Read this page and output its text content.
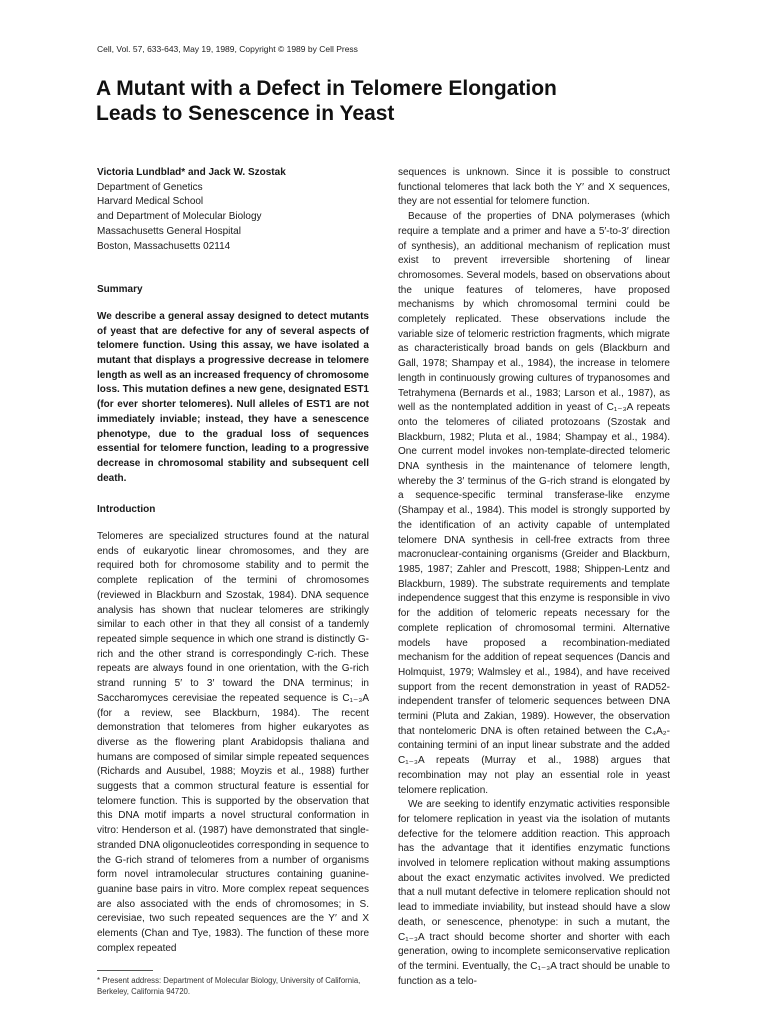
Cell, Vol. 57, 633-643, May 19, 1989, Copyright © 1989 by Cell Press
A Mutant with a Defect in Telomere Elongation
Leads to Senescence in Yeast
Victoria Lundblad* and Jack W. Szostak
Department of Genetics
Harvard Medical School
and Department of Molecular Biology
Massachusetts General Hospital
Boston, Massachusetts 02114
Summary
We describe a general assay designed to detect mutants of yeast that are defective for any of several aspects of telomere function. Using this assay, we have isolated a mutant that displays a progressive decrease in telomere length as well as an increased frequency of chromosome loss. This mutation defines a new gene, designated EST1 (for ever shorter telomeres). Null alleles of EST1 are not immediately inviable; instead, they have a senescence phenotype, due to the gradual loss of sequences essential for telomere function, leading to a progressive decrease in chromosomal stability and subsequent cell death.
Introduction
Telomeres are specialized structures found at the natural ends of eukaryotic linear chromosomes, and they are required both for chromosome stability and to permit the complete replication of the termini of chromosomes (reviewed in Blackburn and Szostak, 1984). DNA sequence analysis has shown that nuclear telomeres are strikingly similar to each other in that they all consist of a tandemly repeated simple sequence in which one strand is distinctly G-rich and the other strand is correspondingly C-rich. These repeats are always found in one orientation, with the G-rich strand running 5′ to 3′ toward the DNA terminus; in Saccharomyces cerevisiae the repeated sequence is C₁₋₃A (for a review, see Blackburn, 1984). The recent demonstration that telomeres from higher eukaryotes as diverse as the flowering plant Arabidopsis thaliana and humans are composed of similar simple repeated sequences (Richards and Ausubel, 1988; Moyzis et al., 1988) further suggests that a common structural feature is essential for telomere function. This is supported by the observation that this DNA motif imparts a novel structural conformation in vitro: Henderson et al. (1987) have demonstrated that single-stranded DNA oligonucleotides corresponding in sequence to the G-rich strand of telomeres from a number of organisms form novel intramolecular structures containing guanine-guanine base pairs in vitro. More complex repeat sequences are also associated with the ends of chromosomes; in S. cerevisiae, two such repeated sequences are the Y′ and X elements (Chan and Tye, 1983). The function of these more complex repeated
* Present address: Department of Molecular Biology, University of California, Berkeley, California 94720.
sequences is unknown. Since it is possible to construct functional telomeres that lack both the Y′ and X sequences, they are not essential for telomere function.
Because of the properties of DNA polymerases (which require a template and a primer and have a 5′-to-3′ direction of synthesis), an additional mechanism of replication must exist to prevent irreversible shortening of linear chromosomes. Several models, based on observations about the unique features of telomeres, have proposed mechanisms by which chromosomal termini could be completely replicated. These observations include the variable size of telomeric restriction fragments, which migrate as characteristically broad bands on gels (Blackburn and Gall, 1978; Shampay et al., 1984), the increase in telomere length in continuously growing cultures of trypanosomes and Tetrahymena (Bernards et al., 1983; Larson et al., 1987), as well as the nontemplated addition in yeast of C₁₋₃A repeats onto the telomeres of ciliated protozoans (Szostak and Blackburn, 1982; Pluta et al., 1984; Shampay et al., 1984). One current model invokes non-template-directed telomeric DNA synthesis in the maintenance of telomere length, whereby the 3′ terminus of the G-rich strand is elongated by a sequence-specific terminal transferase-like enzyme (Shampay et al., 1984). This model is strongly supported by the identification of an activity capable of untemplated telomere DNA synthesis in cell-free extracts from three macronuclear-containing organisms (Greider and Blackburn, 1985, 1987; Zahler and Prescott, 1988; Shippen-Lentz and Blackburn, 1989). The substrate requirements and template independence suggest that this enzyme is responsible in vivo for the addition of telomeric repeats necessary for the complete replication of chromosomal termini. Alternative models have proposed a recombination-mediated mechanism for the addition of repeat sequences (Dancis and Holmquist, 1979; Walmsley et al., 1984), and have received support from the recent demonstration in yeast of RAD52-independent transfer of telomeric sequences between DNA termini (Pluta and Zakian, 1989). However, the observation that nontelomeric DNA is often retained between the C₄A₂-containing termini of an input linear substrate and the added C₁₋₃A repeats (Murray et al., 1988) argues that recombination may not play an essential role in yeast telomere replication.
We are seeking to identify enzymatic activities responsible for telomere replication in yeast via the isolation of mutants defective for the telomere addition reaction. This approach has the advantage that it identifies enzymatic functions involved in telomere replication without making assumptions about the exact enzymatic activites involved. We predicted that a null mutant defective in telomere replication should not lead to immediate inviability, but instead should have a slow death, or senescence, phenotype: in such a mutant, the C₁₋₃A tract should become shorter and shorter with each generation, owing to incomplete semiconservative replication of the termini. Eventually, the C₁₋₃A tract should be unable to function as a telo-
